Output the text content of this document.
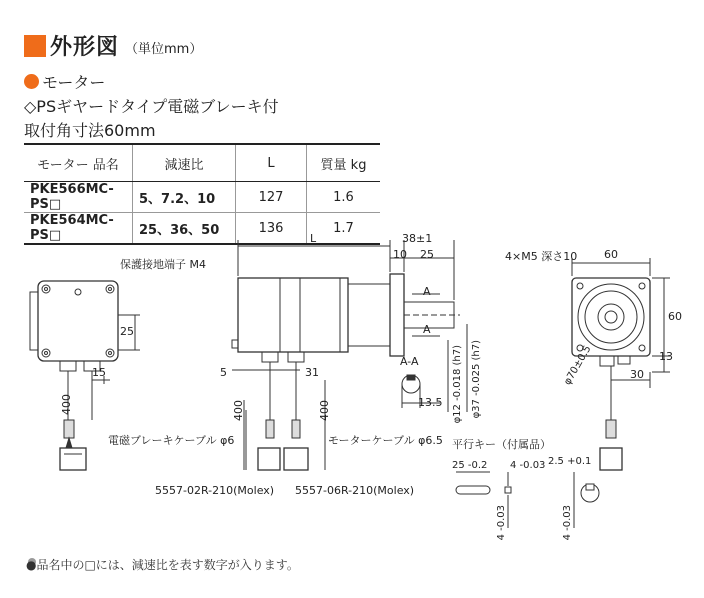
外形図 （単位mm）
モーター
◇PSギヤードタイプ電磁ブレーキ付
取付角寸法60mm
モーター 品名	減速比	L	質量 kg
PKE566MC-PS□	5、7.2、10	127	1.6
PKE564MC-PS□	25、36、50	136	1.7
L
保護接地端子 M4
38±1
10 25
A
A
A-A
13.5 φ12 -0.018 (h7) φ37 -0.025 (h7)
4×M5 深さ10 60
60
13
30
φ70±0.5
25
15	5	31
400	400
400
電磁ブレーキケーブル φ6	モーターケーブル φ6.5
5557-02R-210(Molex) 5557-06R-210(Molex)
平行キー（付属品）
25 -0.2 4 -0.03 2.5 +0.1
4 -0.03	4 -0.03
●品名中の□には、減速比を表す数字が入ります。
